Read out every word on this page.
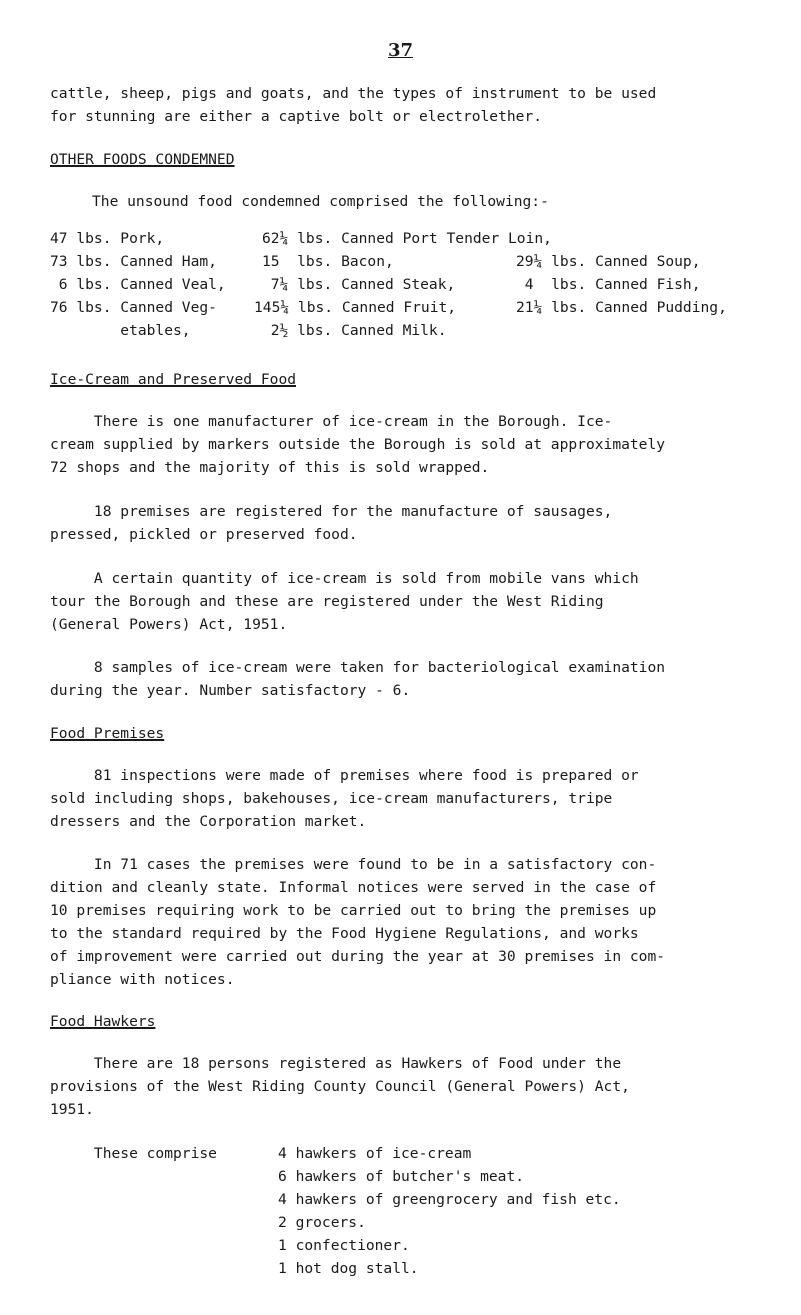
37
cattle, sheep, pigs and goats, and the types of instrument to be used
for stunning are either a captive bolt or electrolether.
OTHER FOODS CONDEMNED
The unsound food condemned comprised the following:-
47 lbs. Pork,	62¼ lbs. Canned Port Tender Loin,
73 lbs. Canned Ham,	15  lbs. Bacon,	29¼ lbs. Canned Soup,
6 lbs. Canned Veal, 7¼ lbs. Canned Steak,	4  lbs. Canned Fish,
76 lbs. Canned Veg-	145¼ lbs. Canned Fruit,	21¼ lbs. Canned Pudding,
etables,	2½ lbs. Canned Milk.
Ice-Cream and Preserved Food
There is one manufacturer of ice-cream in the Borough. Ice-
cream supplied by markers outside the Borough is sold at approximately
72 shops and the majority of this is sold wrapped.
18 premises are registered for the manufacture of sausages,
pressed, pickled or preserved food.
A certain quantity of ice-cream is sold from mobile vans which
tour the Borough and these are registered under the West Riding
(General Powers) Act, 1951.
8 samples of ice-cream were taken for bacteriological examination
during the year. Number satisfactory - 6.
Food Premises
81 inspections were made of premises where food is prepared or
sold including shops, bakehouses, ice-cream manufacturers, tripe
dressers and the Corporation market.
In 71 cases the premises were found to be in a satisfactory con-
dition and cleanly state. Informal notices were served in the case of
10 premises requiring work to be carried out to bring the premises up
to the standard required by the Food Hygiene Regulations, and works
of improvement were carried out during the year at 30 premises in com-
pliance with notices.
Food Hawkers
There are 18 persons registered as Hawkers of Food under the
provisions of the West Riding County Council (General Powers) Act,
1951.
These comprise	4 hawkers of ice-cream
6 hawkers of butcher's meat.
4 hawkers of greengrocery and fish etc.
2 grocers.
1 confectioner.
1 hot dog stall.
